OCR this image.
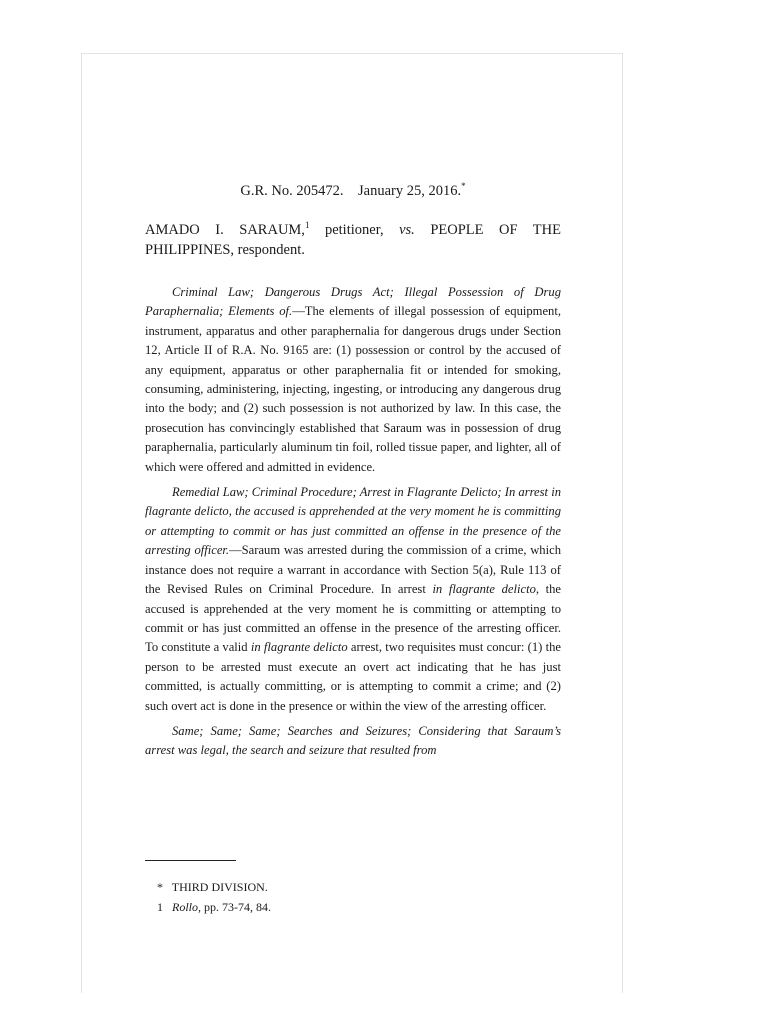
G.R. No. 205472. January 25, 2016.*
AMADO I. SARAUM,$^1$ petitioner, vs. PEOPLE OF THE PHILIPPINES, respondent.

Criminal Law; Dangerous Drugs Act; Illegal Possession of Drug Paraphernalia; Elements of.—The elements of illegal possession of equipment, instrument, apparatus and other paraphernalia for dangerous drugs under Section 12, Article II of R.A. No. 9165 are: (1) possession or control by the accused of any equipment, apparatus or other paraphernalia fit or intended for smoking, consuming, administering, injecting, ingesting, or introducing any dangerous drug into the body; and (2) such possession is not authorized by law. In this case, the prosecution has convincingly established that Saraum was in possession of drug paraphernalia, particularly aluminum tin foil, rolled tissue paper, and lighter, all of which were offered and admitted in evidence.

Remedial Law; Criminal Procedure; Arrest in Flagrante Delicto; In arrest in flagrante delicto, the accused is apprehended at the very moment he is committing or attempting to commit or has just committed an offense in the presence of the arresting officer.—Saraum was arrested during the commission of a crime, which instance does not require a warrant in accordance with Section 5(a), Rule 113 of the Revised Rules on Criminal Procedure. In arrest in flagrante delicto, the accused is apprehended at the very moment he is committing or attempting to commit or has just committed an offense in the presence of the arresting officer. To constitute a valid in flagrante delicto arrest, two requisites must concur: (1) the person to be arrested must execute an overt act indicating that he has just committed, is actually committing, or is attempting to commit a crime; and (2) such overt act is done in the presence or within the view of the arresting officer.

Same; Same; Same; Searches and Seizures; Considering that Saraum’s arrest was legal, the search and seizure that resulted from

* THIRD DIVISION.
1 Rollo, pp. 73-74, 84.
